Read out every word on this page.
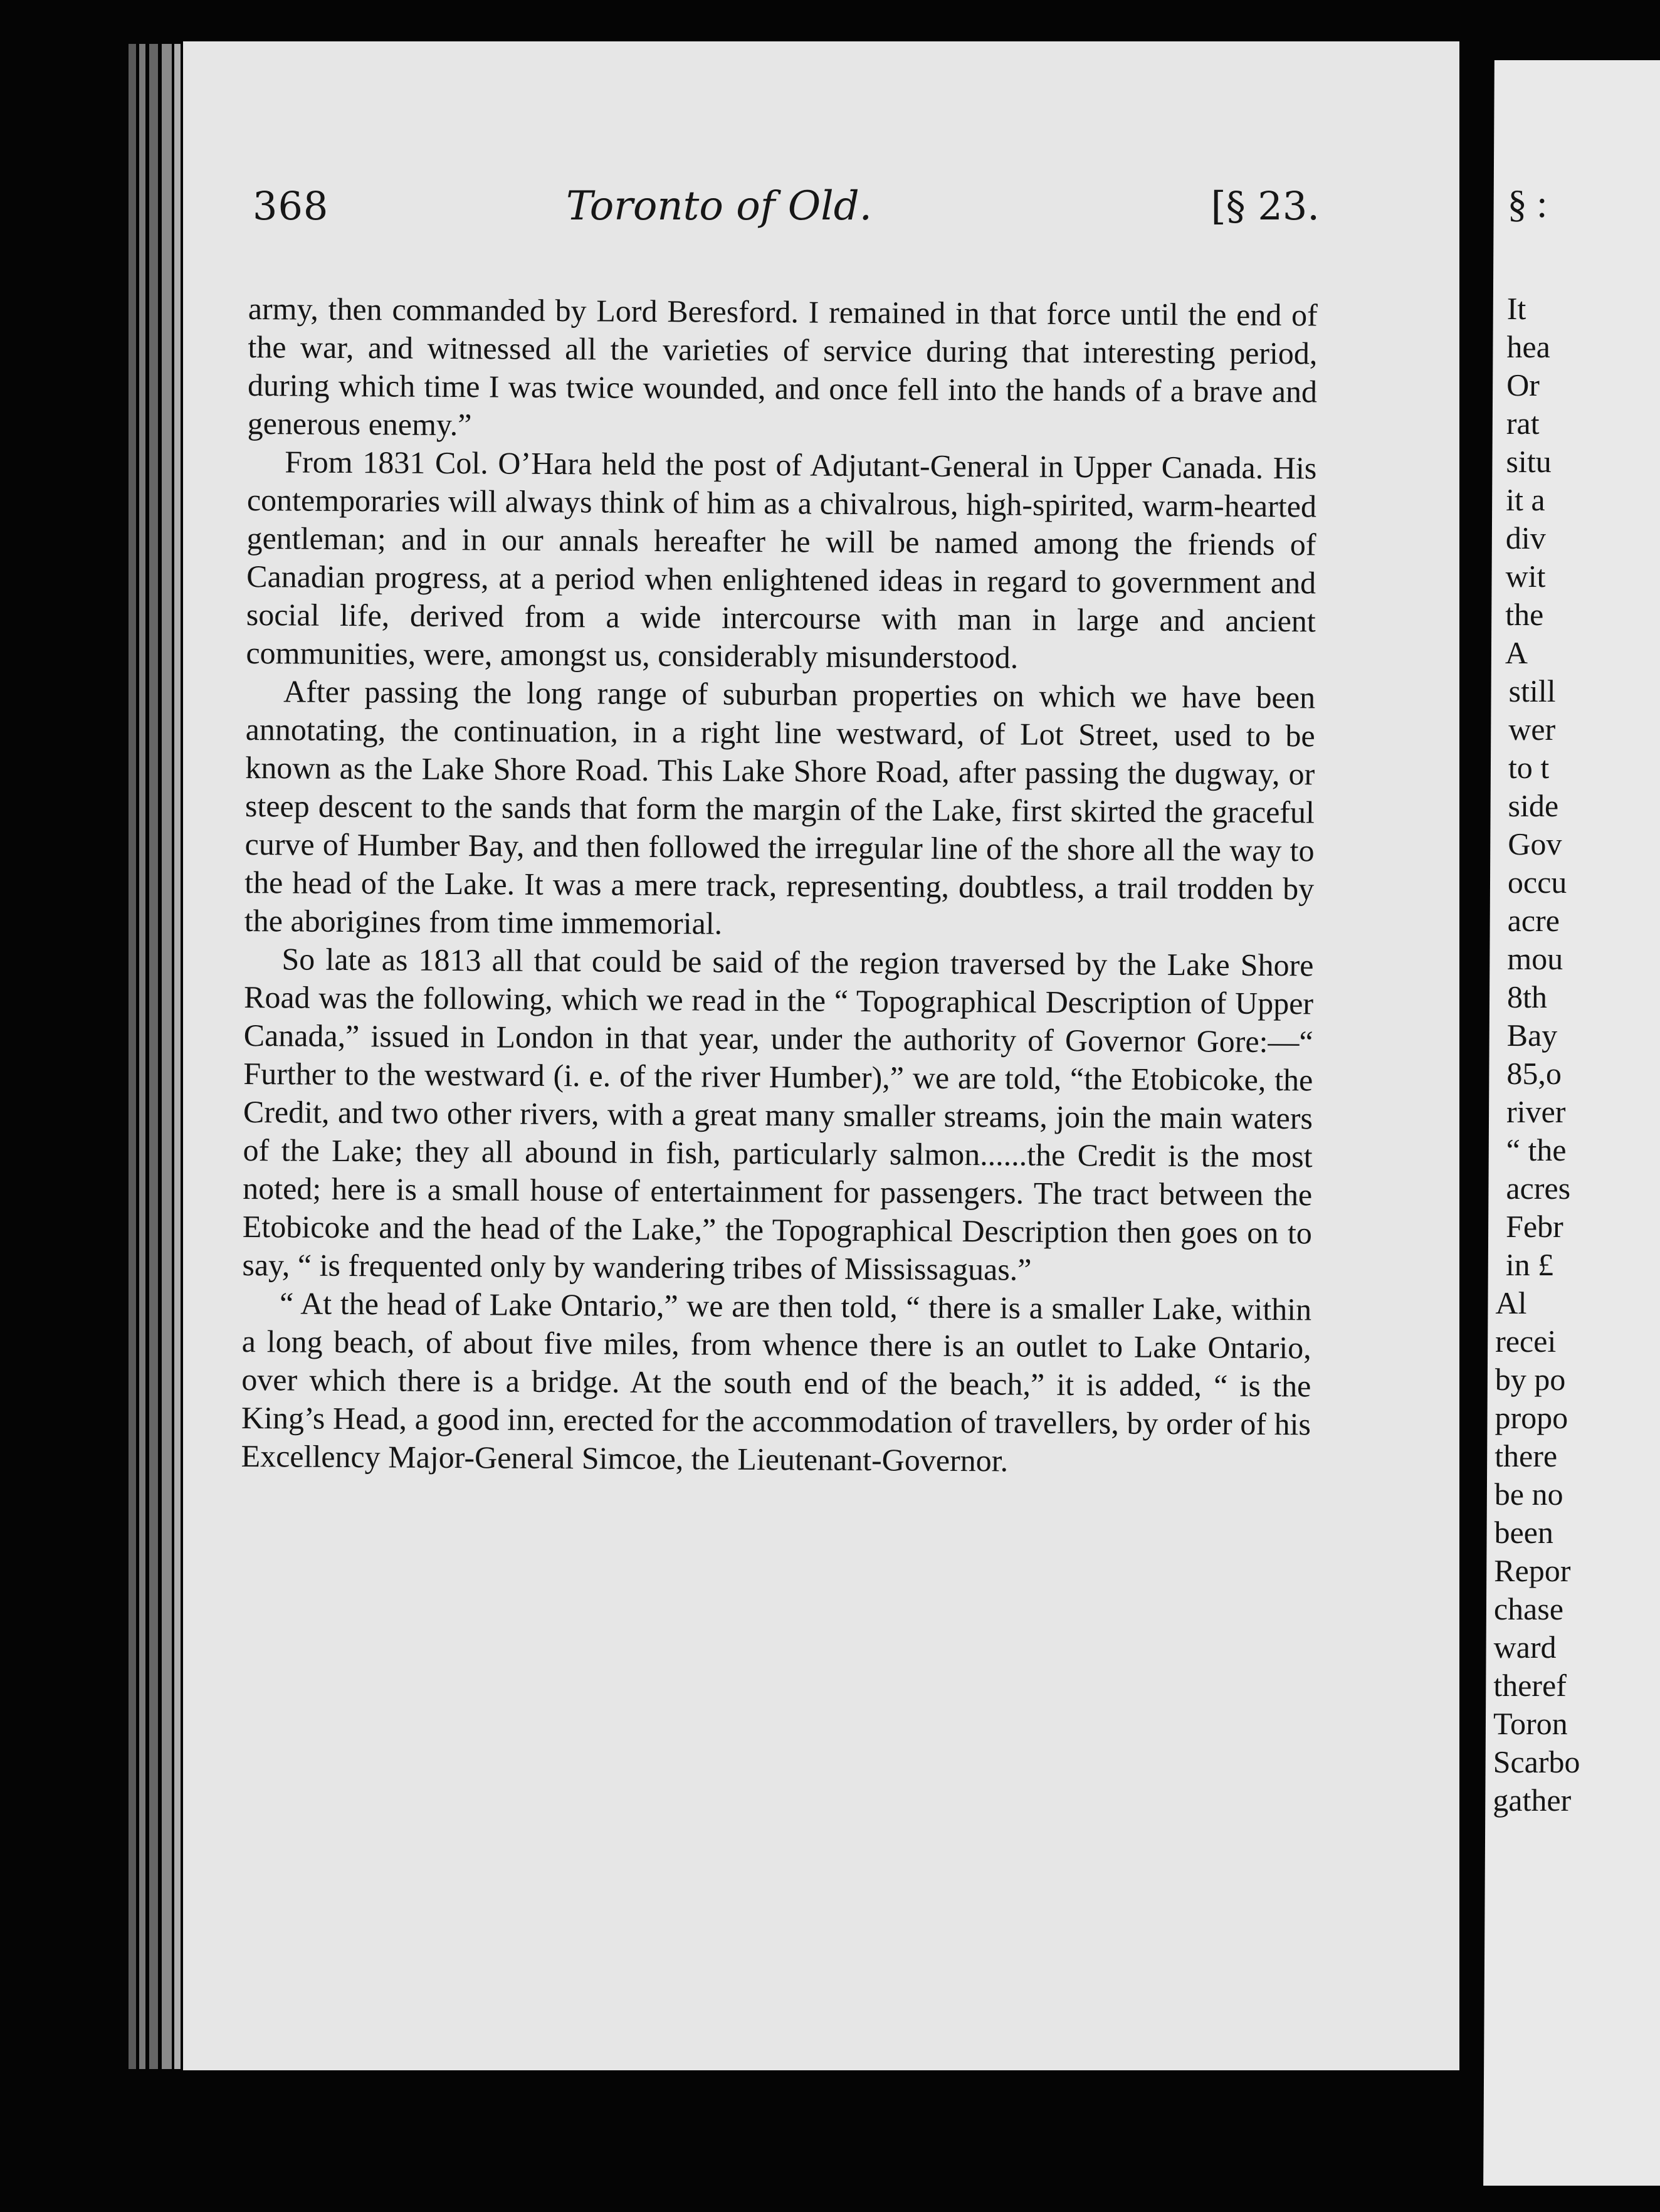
368	Toronto of Old.	[§ 23.

army, then commanded by Lord Beresford. I remained in that force until the end of the war, and witnessed all the varieties of service during that interesting period, during which time I was twice wounded, and once fell into the hands of a brave and generous enemy.”

From 1831 Col. O’Hara held the post of Adjutant-General in Upper Canada. His contemporaries will always think of him as a chivalrous, high-spirited, warm-hearted gentleman; and in our annals hereafter he will be named among the friends of Canadian progress, at a period when enlightened ideas in regard to government and social life, derived from a wide intercourse with man in large and ancient communities, were, amongst us, considerably misunderstood.

After passing the long range of suburban properties on which we have been annotating, the continuation, in a right line westward, of Lot Street, used to be known as the Lake Shore Road. This Lake Shore Road, after passing the dugway, or steep descent to the sands that form the margin of the Lake, first skirted the graceful curve of Humber Bay, and then followed the irregular line of the shore all the way to the head of the Lake. It was a mere track, representing, doubtless, a trail trodden by the aborigines from time immemorial.

So late as 1813 all that could be said of the region traversed by the Lake Shore Road was the following, which we read in the “ Topographical Description of Upper Canada,” issued in London in that year, under the authority of Governor Gore:—“ Further to the westward (i. e. of the river Humber),” we are told, “the Etobicoke, the Credit, and two other rivers, with a great many smaller streams, join the main waters of the Lake; they all abound in fish, particularly salmon......the Credit is the most noted; here is a small house of entertainment for passengers. The tract between the Etobicoke and the head of the Lake,” the Topographical Description then goes on to say, “ is frequented only by wandering tribes of Mississaguas.”

“ At the head of Lake Ontario,” we are then told, “ there is a smaller Lake, within a long beach, of about five miles, from whence there is an outlet to Lake Ontario, over which there is a bridge. At the south end of the beach,” it is added, “ is the King’s Head, a good inn, erected for the accommodation of travellers, by order of his Excellency Major-General Simcoe, the Lieutenant-Governor.

§ :
It
hea
Or
rat
situ
it a
div
wit
the
A
still
wer
to t
side
Gov
occu
acre
mou
8th
Bay
85,o
river
“ the
acres
Febr
in £
Al
recei
by po
propo
there
be no
been
Repor
chase
ward
theref
Toron
Scarbo
gather
